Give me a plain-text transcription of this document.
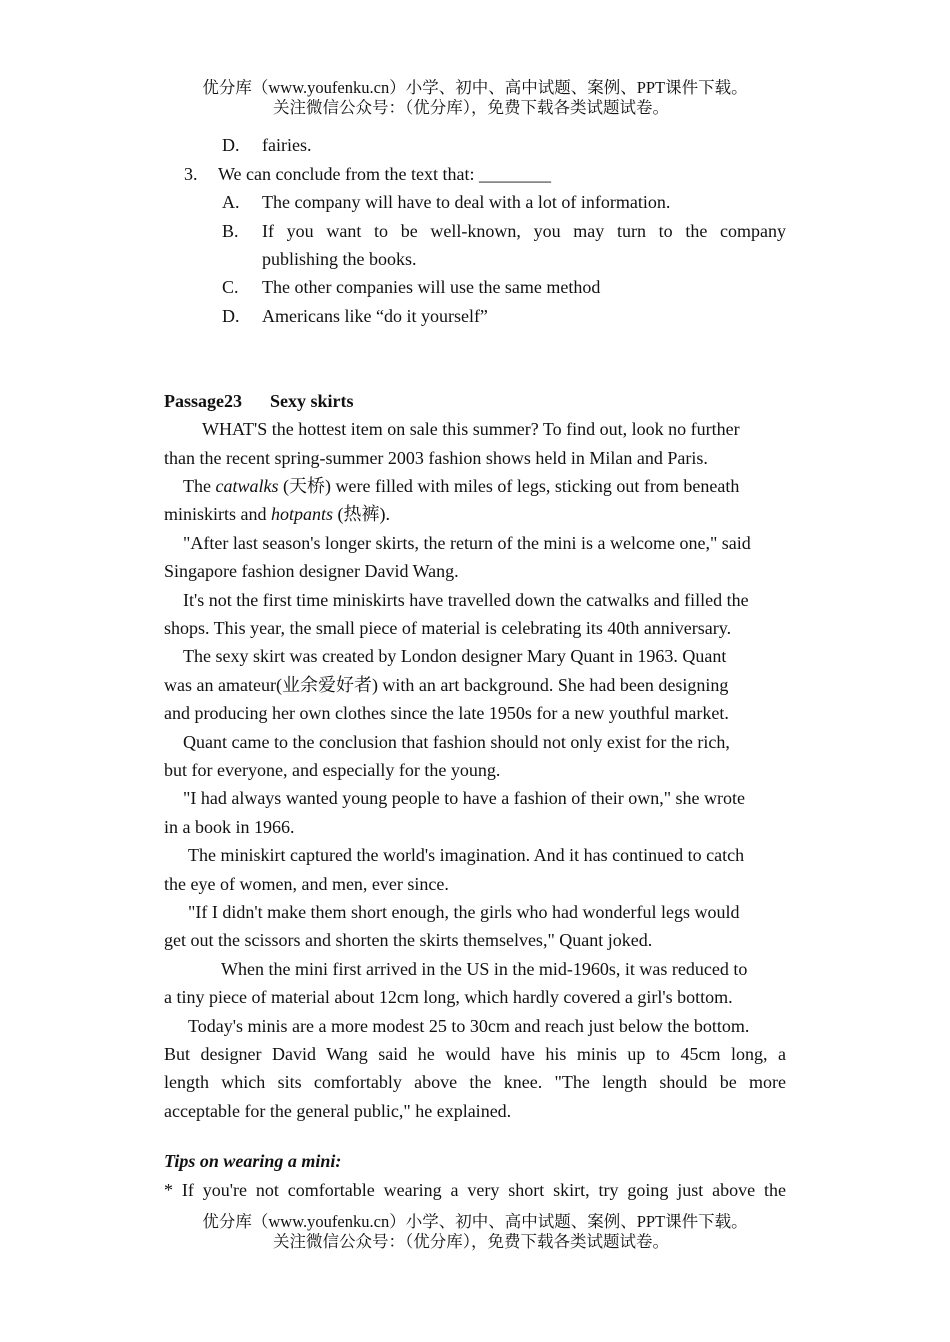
优分库（www.youfenku.cn）小学、初中、高中试题、案例、PPT课件下载。
关注微信公众号：（优分库），免费下载各类试题试卷。
D. fairies.
3. We can conclude from the text that: ________
A. The company will have to deal with a lot of information.
B. If you want to be well-known, you may turn to the company
publishing the books.
C. The other companies will use the same method
D. Americans like “do it yourself”
Passage23 Sexy skirts
WHAT'S the hottest item on sale this summer? To find out, look no further
than the recent spring-summer 2003 fashion shows held in Milan and Paris.
The catwalks (天桥) were filled with miles of legs, sticking out from beneath
miniskirts and hotpants (热裤).
"After last season's longer skirts, the return of the mini is a welcome one," said
Singapore fashion designer David Wang.
It's not the first time miniskirts have travelled down the catwalks and filled the
shops. This year, the small piece of material is celebrating its 40th anniversary.
The sexy skirt was created by London designer Mary Quant in 1963. Quant
was an amateur(业余爱好者) with an art background. She had been designing
and producing her own clothes since the late 1950s for a new youthful market.
Quant came to the conclusion that fashion should not only exist for the rich,
but for everyone, and especially for the young.
"I had always wanted young people to have a fashion of their own," she wrote
in a book in 1966.
The miniskirt captured the world's imagination. And it has continued to catch
the eye of women, and men, ever since.
"If I didn't make them short enough, the girls who had wonderful legs would
get out the scissors and shorten the skirts themselves," Quant joked.
When the mini first arrived in the US in the mid-1960s, it was reduced to
a tiny piece of material about 12cm long, which hardly covered a girl's bottom.
Today's minis are a more modest 25 to 30cm and reach just below the bottom.
But designer David Wang said he would have his minis up to 45cm long, a
length which sits comfortably above the knee. "The length should be more
acceptable for the general public," he explained.
Tips on wearing a mini:
* If you're not comfortable wearing a very short skirt, try going just above the
优分库（www.youfenku.cn）小学、初中、高中试题、案例、PPT课件下载。
关注微信公众号：（优分库），免费下载各类试题试卷。
